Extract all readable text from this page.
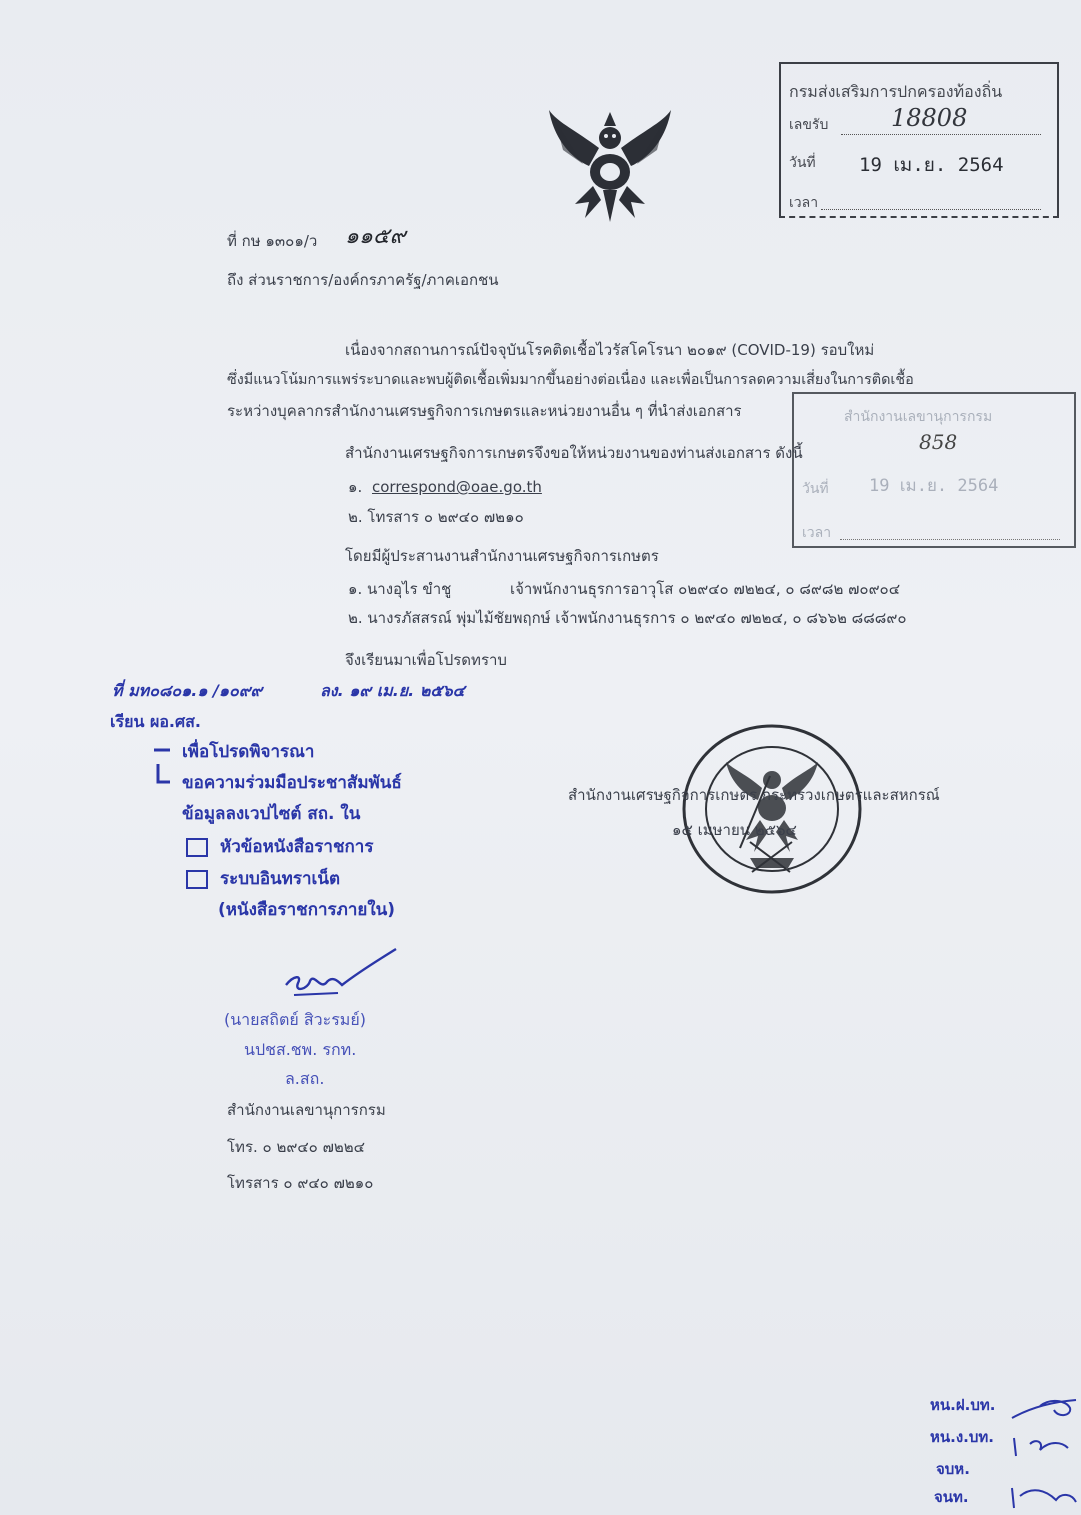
กรมส่งเสริมการปกครองท้องถิ่น
เลขรับ	18808
วันที่ 19 เม.ย. 2564
เวลา
สำนักงานเลขานุการกรม
858
วันที่ 19 เม.ย. 2564
เวลา
ที่ กษ ๑๓๐๑/ว ๑๑๕๙
ถึง ส่วนราชการ/องค์กรภาครัฐ/ภาคเอกชน
เนื่องจากสถานการณ์ปัจจุบันโรคติดเชื้อไวรัสโคโรนา ๒๐๑๙ (COVID-19) รอบใหม่
ซึ่งมีแนวโน้มการแพร่ระบาดและพบผู้ติดเชื้อเพิ่มมากขึ้นอย่างต่อเนื่อง และเพื่อเป็นการลดความเสี่ยงในการติดเชื้อ
ระหว่างบุคลากรสำนักงานเศรษฐกิจการเกษตรและหน่วยงานอื่น ๆ ที่นำส่งเอกสาร
สำนักงานเศรษฐกิจการเกษตรจึงขอให้หน่วยงานของท่านส่งเอกสาร ดังนี้
๑. correspond@oae.go.th
๒. โทรสาร ๐ ๒๙๔๐ ๗๒๑๐
โดยมีผู้ประสานงานสำนักงานเศรษฐกิจการเกษตร
๑. นางอุไร ขำชู	เจ้าพนักงานธุรการอาวุโส ๐๒๙๔๐ ๗๒๒๔, ๐ ๘๙๘๒ ๗๐๙๐๔
๒. นางรภัสสรณ์ พุ่มไม้ชัยพฤกษ์ เจ้าพนักงานธุรการ ๐ ๒๙๔๐ ๗๒๒๔, ๐ ๘๖๖๒ ๘๘๘๙๐
จึงเรียนมาเพื่อโปรดทราบ
ที่ มท๐๘๐๑.๑ /๑๐๙๙	ลง. ๑๙ เม.ย. ๒๕๖๔
เรียน ผอ.ศส.
เพื่อโปรดพิจารณา
ขอความร่วมมือประชาสัมพันธ์
ข้อมูลลงเวปไซต์ สถ. ใน
หัวข้อหนังสือราชการ
ระบบอินทราเน็ต
(หนังสือราชการภายใน)
สำนักงานเศรษฐกิจการเกษตร กระทรวงเกษตรและสหกรณ์
๑๕ เมษายน ๒๕๖๔
(นายสถิตย์ สิวะรมย์)
นปชส.ชพ. รกท.
ล.สถ.
สำนักงานเลขานุการกรม
โทร. ๐ ๒๙๔๐ ๗๒๒๔
โทรสาร ๐ ๙๔๐ ๗๒๑๐
หน.ฝ.บท.
หน.ง.บท.
จบห.
จนท.
